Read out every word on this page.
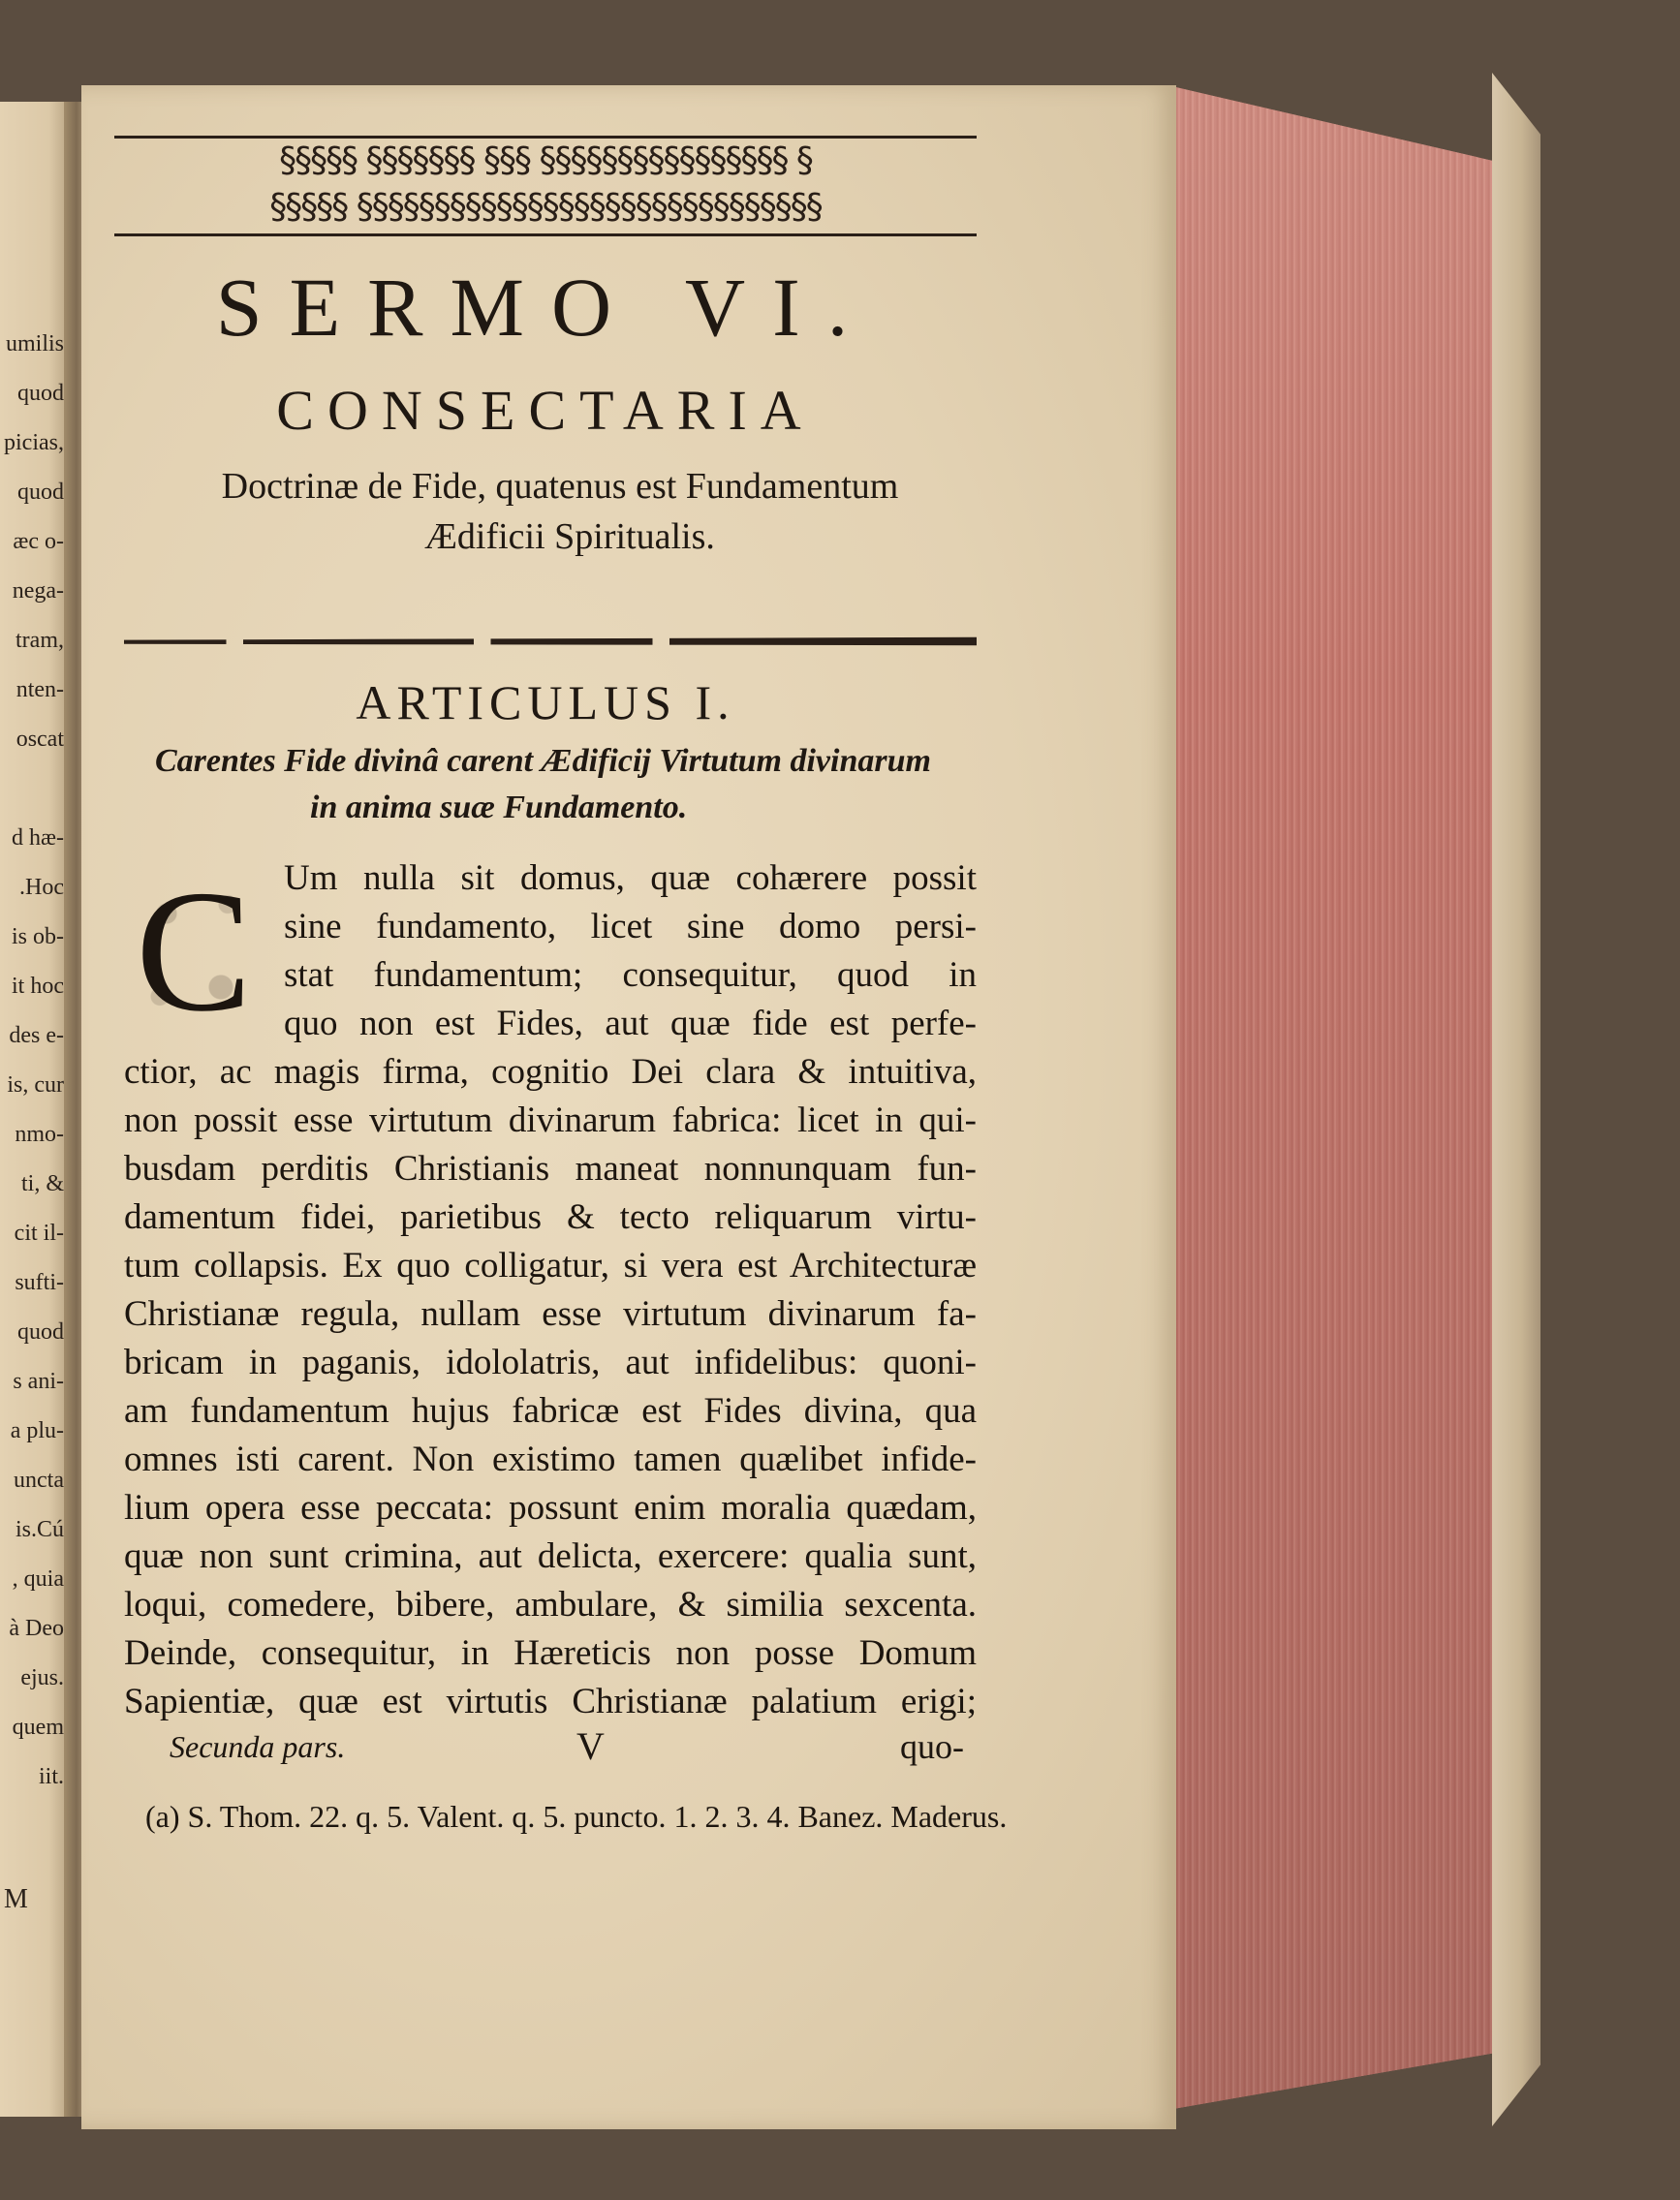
umilis
quod
picias,
quod
æc o-
nega-
tram,
nten-
oscat
d hæ-
.Hoc
is ob-
it hoc
des e-
is, cur
nmo-
ti, &
cit il-
sufti-
quod
s ani-
a plu-
uncta
is.Cú
, quia
à Deo
ejus.
quem
iit.
M
§§§§§ §§§§§§§ §§§ §§§§§§§§§§§§§§§§ §
§§§§§ §§§§§§§§§§§§§§§§§§§§§§§§§§§§§§

SERMO VI.

CONSECTARIA

Doctrinæ de Fide, quatenus est Fundamentum

Ædificii Spiritualis.

ARTICULUS I.

Carentes Fide divinâ carent Ædificij Virtutum divinarum
in anima suæ Fundamento.

C Um nulla sit domus, quæ cohærere possit
sine fundamento, licet sine domo persi-
stat fundamentum; consequitur, quod in
quo non est Fides, aut quæ fide est perfe-
ctior, ac magis firma, cognitio Dei clara & intuitiva,
non possit esse virtutum divinarum fabrica: licet in qui-
busdam perditis Christianis maneat nonnunquam fun-
damentum fidei, parietibus & tecto reliquarum virtu-
tum collapsis. Ex quo colligatur, si vera est Architecturæ
Christianæ regula, nullam esse virtutum divinarum fa-
bricam in paganis, idololatris, aut infidelibus: quoni-
am fundamentum hujus fabricæ est Fides divina, qua
omnes isti carent. Non existimo tamen quælibet infide-
lium opera esse peccata: possunt enim moralia quædam,
quæ non sunt crimina, aut delicta, exercere: qualia sunt,
loqui, comedere, bibere, ambulare, & similia sexcenta.
Deinde, consequitur, in Hæreticis non posse Domum
Sapientiæ, quæ est virtutis Christianæ palatium erigi;
Secunda pars.	V	quo-
(a) S. Thom. 22. q. 5. Valent. q. 5. puncto. 1. 2. 3. 4. Banez. Maderus.
